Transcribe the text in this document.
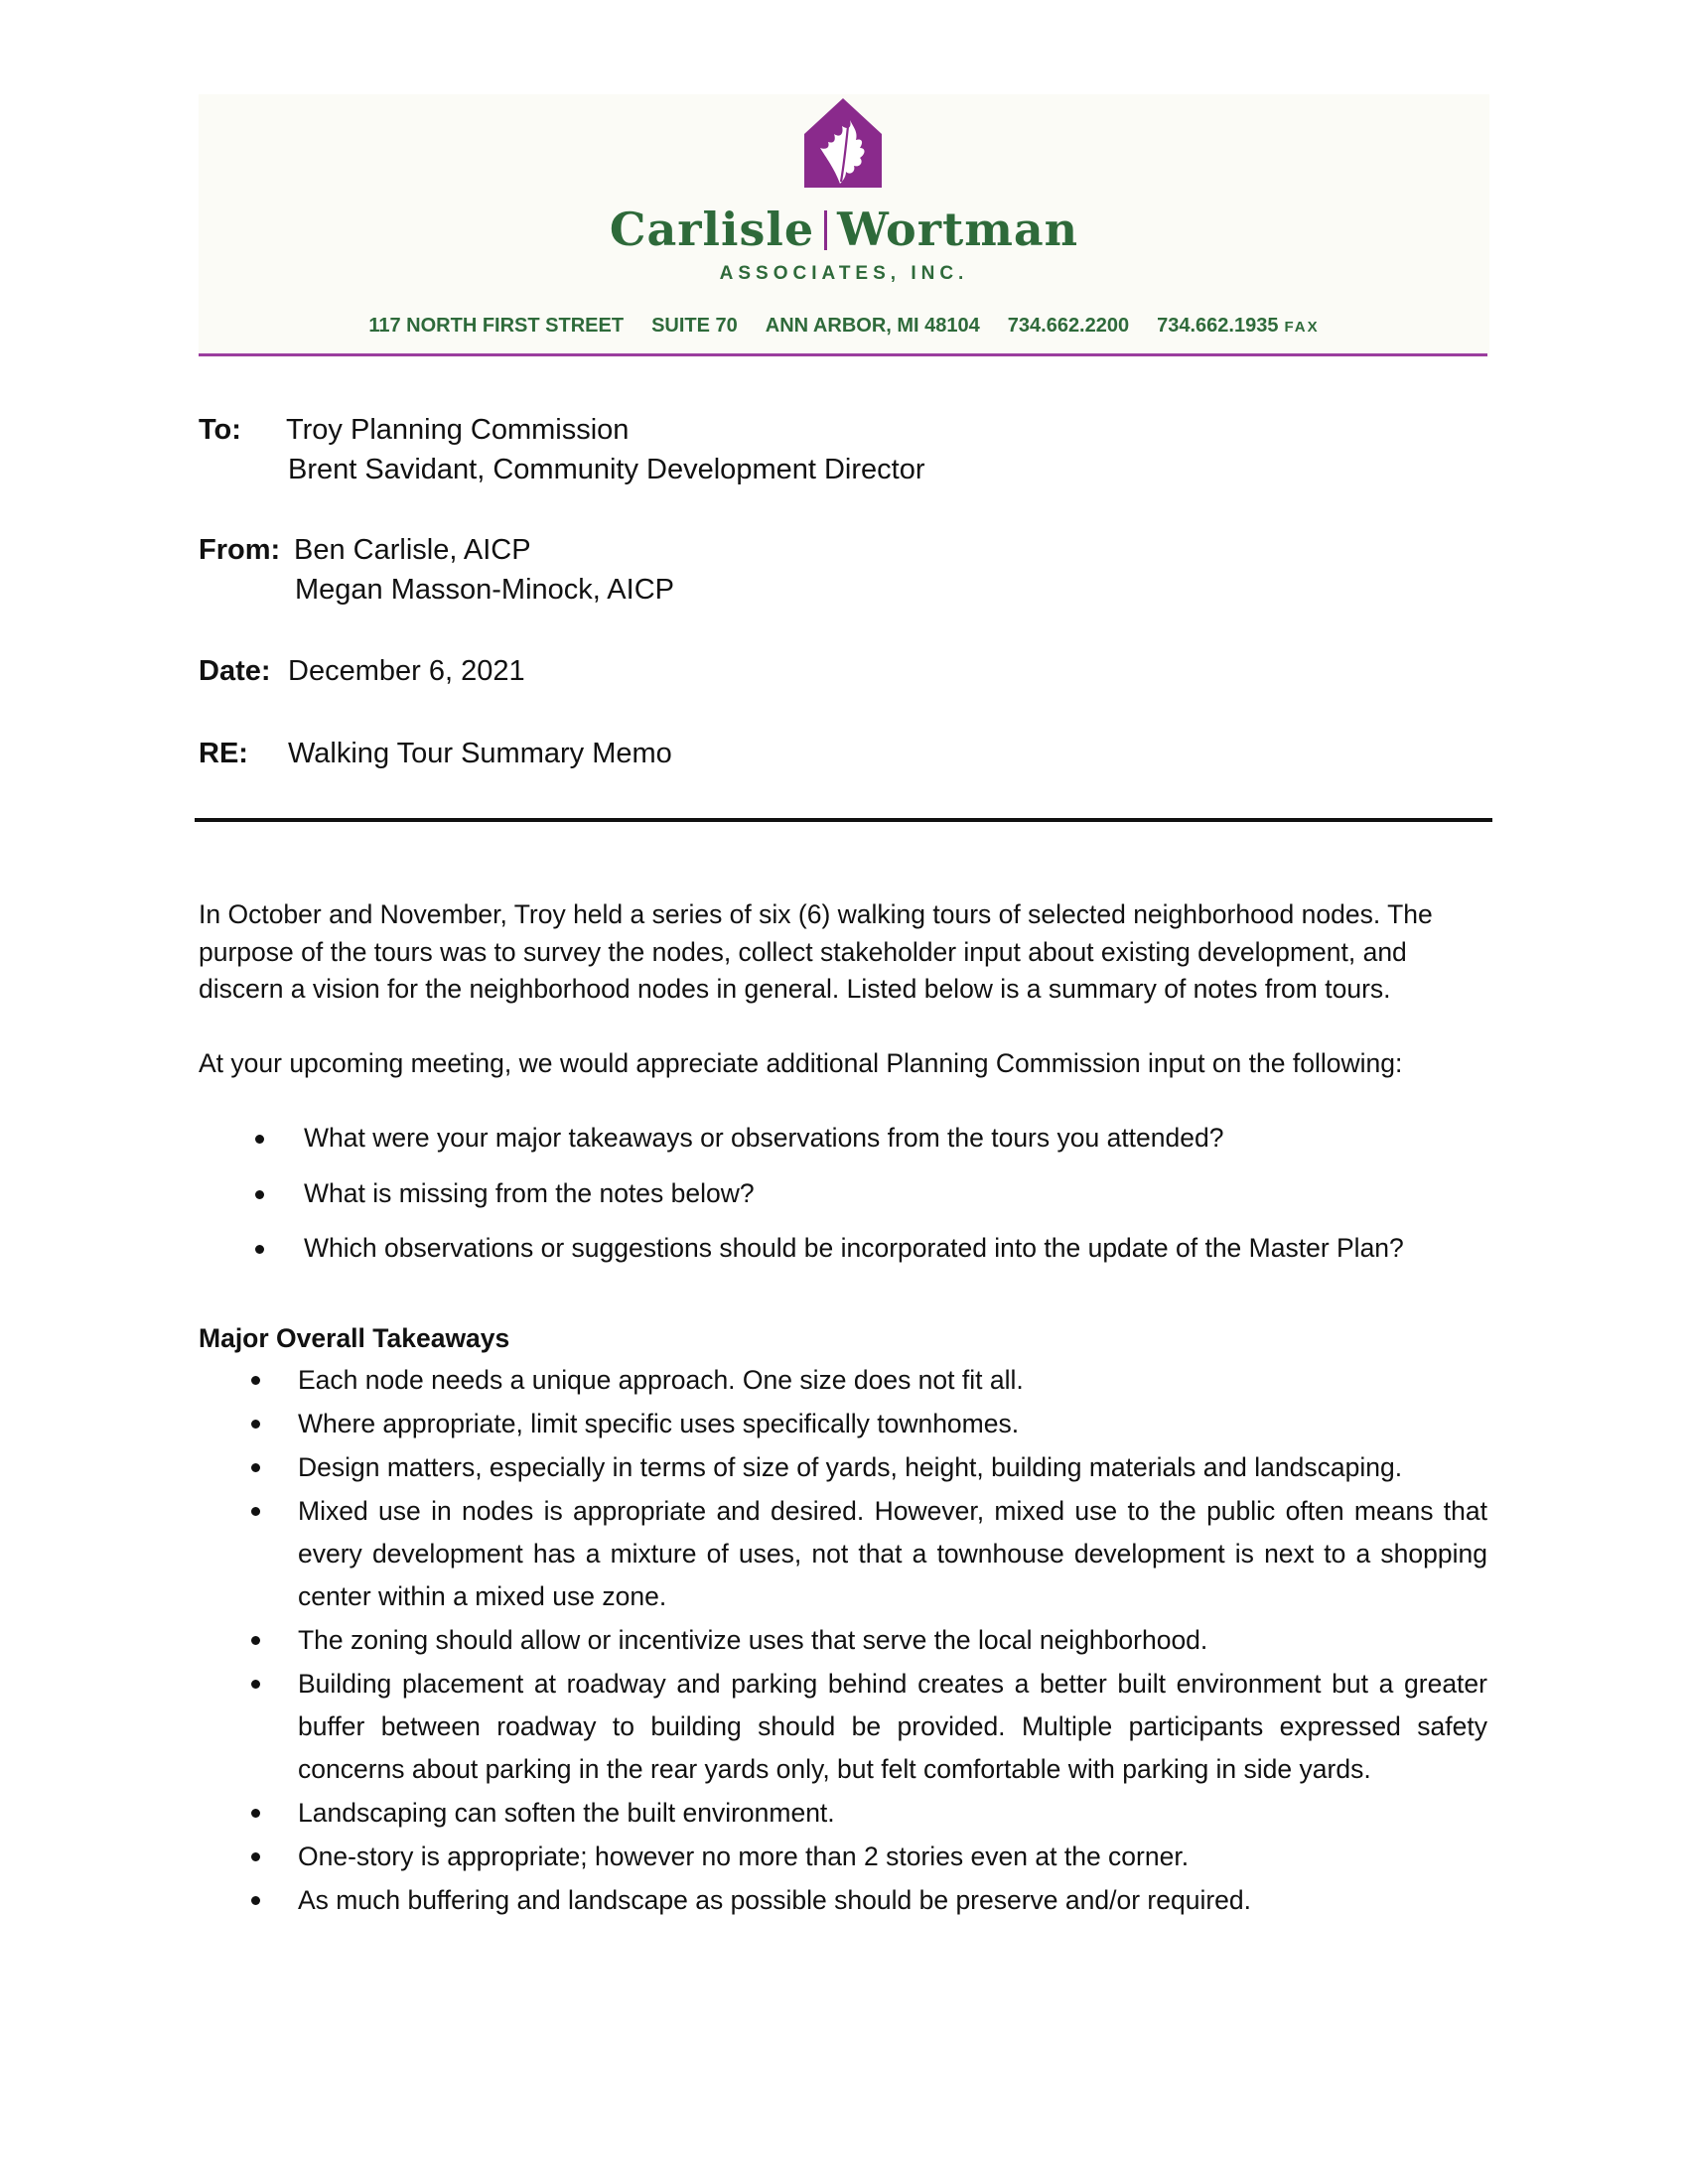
Carlisle Wortman
ASSOCIATES, INC.
117 NORTH FIRST STREET SUITE 70 ANN ARBOR, MI 48104 734.662.2200 734.662.1935 FAX
To: Troy Planning Commission
Brent Savidant, Community Development Director
From: Ben Carlisle, AICP
Megan Masson-Minock, AICP
Date: December 6, 2021
RE: Walking Tour Summary Memo
In October and November, Troy held a series of six (6) walking tours of selected neighborhood nodes. The purpose of the tours was to survey the nodes, collect stakeholder input about existing development, and discern a vision for the neighborhood nodes in general. Listed below is a summary of notes from tours.
At your upcoming meeting, we would appreciate additional Planning Commission input on the following:
What were your major takeaways or observations from the tours you attended?
What is missing from the notes below?
Which observations or suggestions should be incorporated into the update of the Master Plan?
Major Overall Takeaways
Each node needs a unique approach. One size does not fit all.
Where appropriate, limit specific uses specifically townhomes.
Design matters, especially in terms of size of yards, height, building materials and landscaping.
Mixed use in nodes is appropriate and desired. However, mixed use to the public often means that every development has a mixture of uses, not that a townhouse development is next to a shopping center within a mixed use zone.
The zoning should allow or incentivize uses that serve the local neighborhood.
Building placement at roadway and parking behind creates a better built environment but a greater buffer between roadway to building should be provided. Multiple participants expressed safety concerns about parking in the rear yards only, but felt comfortable with parking in side yards.
Landscaping can soften the built environment.
One-story is appropriate; however no more than 2 stories even at the corner.
As much buffering and landscape as possible should be preserve and/or required.
